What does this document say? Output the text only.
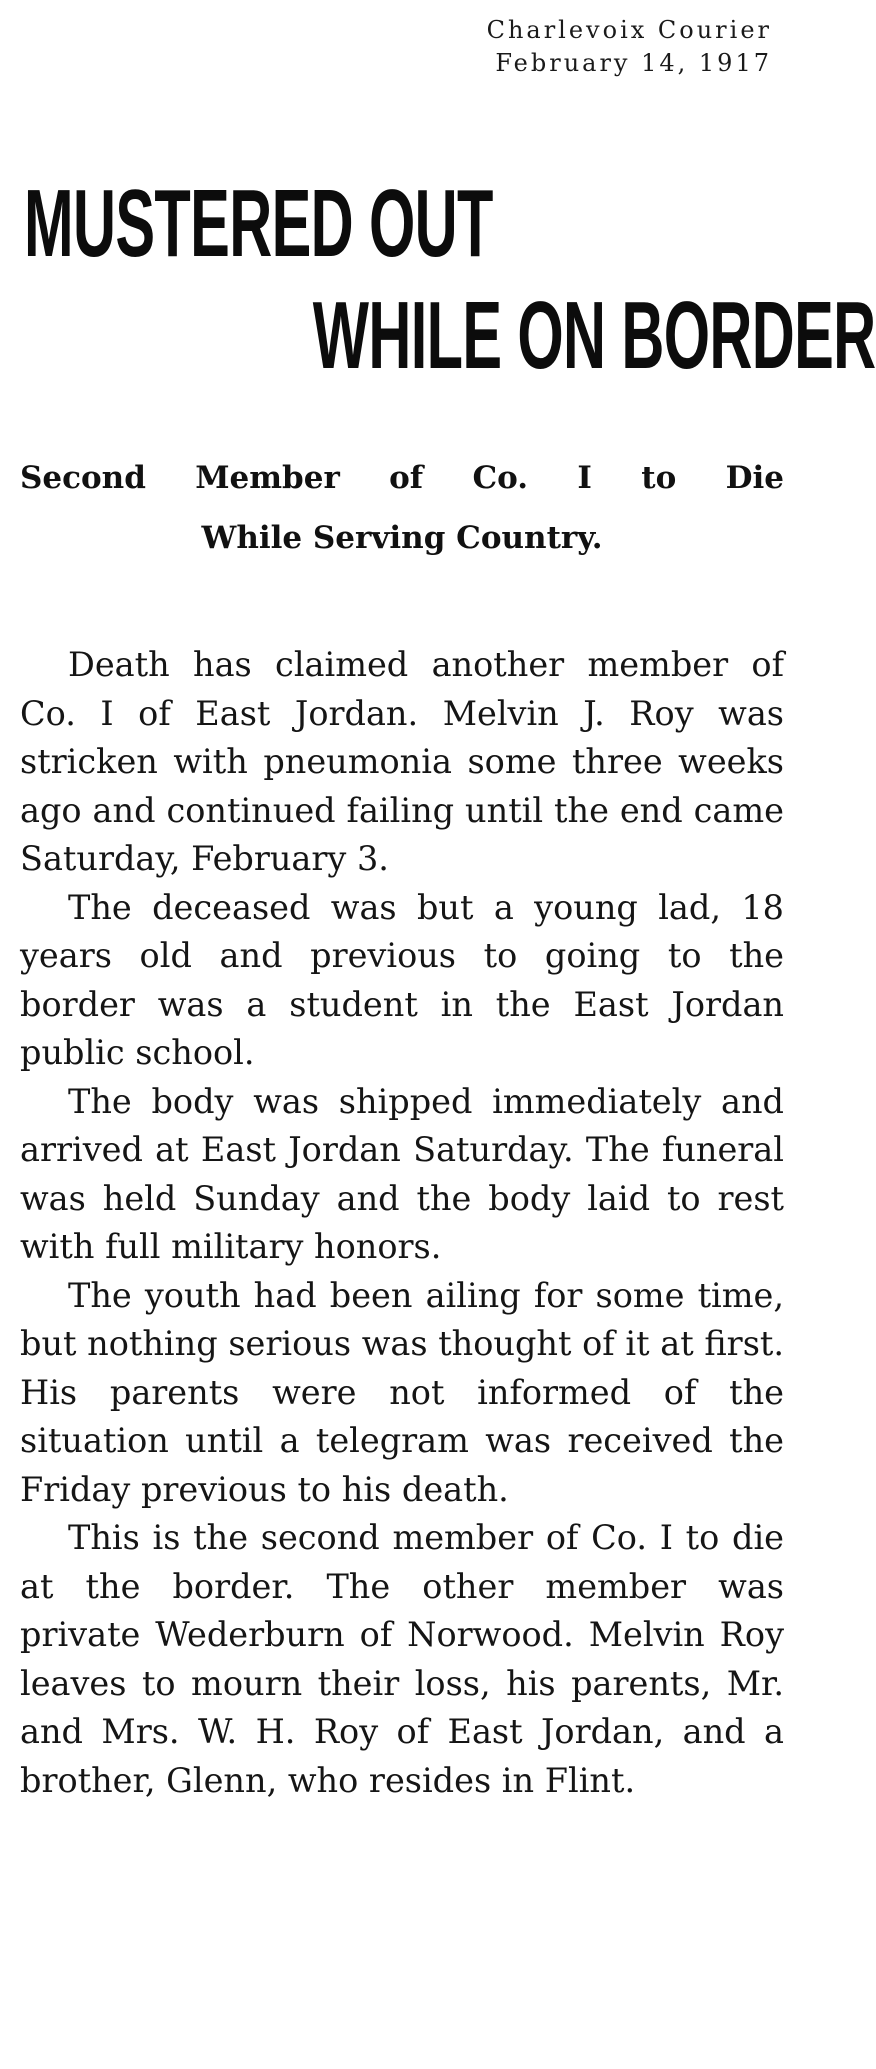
Charlevoix Courier
February 14, 1917
MUSTERED OUT
WHILE ON BORDER
Second Member of Co. I to Die
While Serving Country.

Death has claimed another member of Co. I of East Jordan. Melvin J. Roy was stricken with pneumonia some three weeks ago and continued failing until the end came Saturday, February 3.

The deceased was but a young lad, 18 years old and previous to going to the border was a student in the East Jordan public school.

The body was shipped immediately and arrived at East Jordan Saturday. The funeral was held Sunday and the body laid to rest with full military honors.

The youth had been ailing for some time, but nothing serious was thought of it at first. His parents were not informed of the situation until a telegram was received the Friday previous to his death.

This is the second member of Co. I to die at the border. The other member was private Wederburn of Norwood. Melvin Roy leaves to mourn their loss, his parents, Mr. and Mrs. W. H. Roy of East Jordan, and a brother, Glenn, who resides in Flint.
